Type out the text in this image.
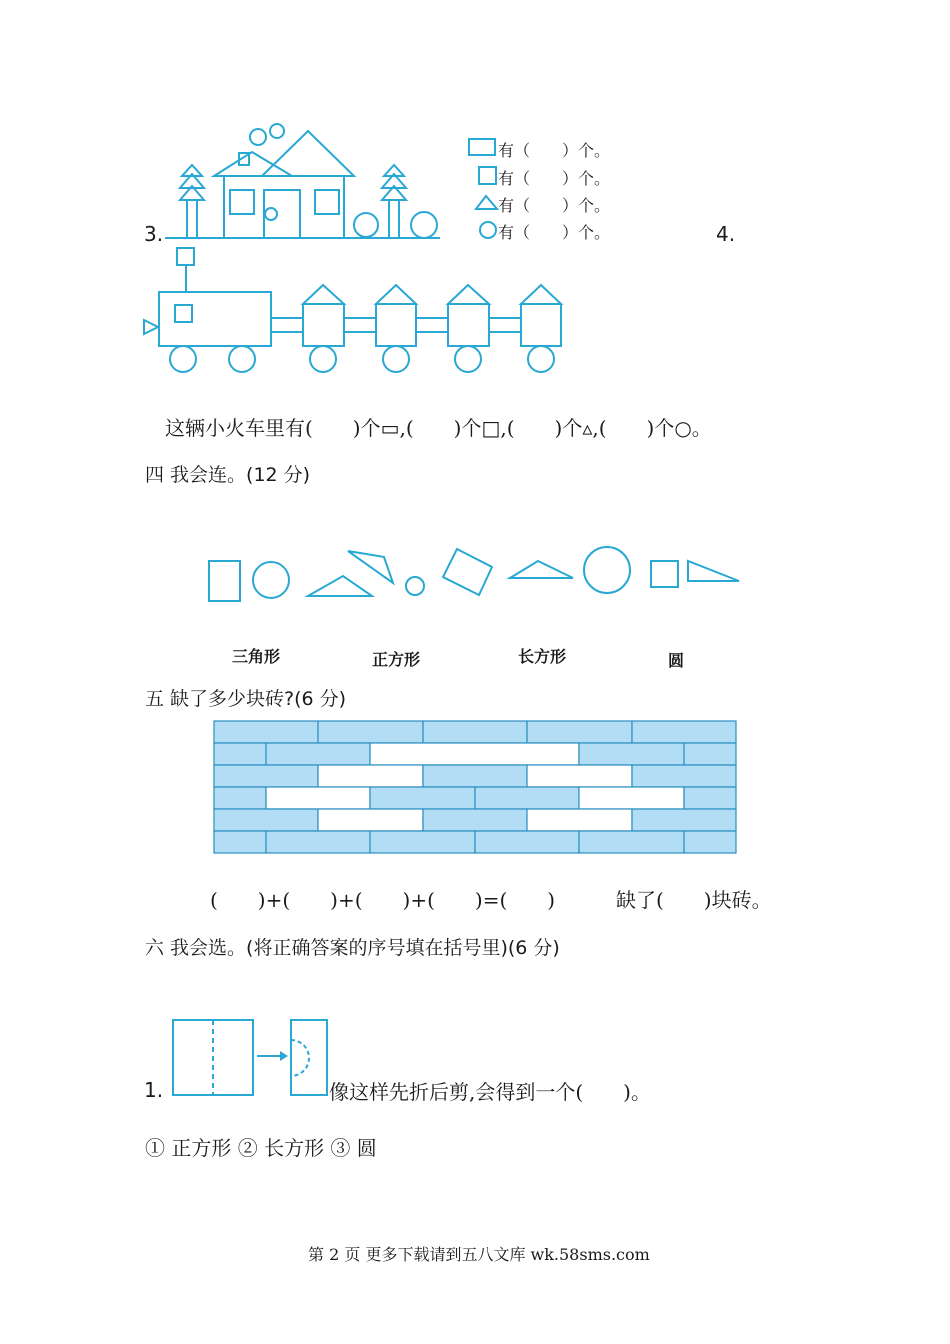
3.
有（　　）个。
有（　　）个。
有（　　）个。
有（　　）个。	4.
这辆小火车里有(　　)个▭,(　　)个□,(　　)个▵,(　　)个○。
四 我会连。(12 分)
三角形	正方形	长方形	圆
五 缺了多少块砖?(6 分)
(　　)+(　　)+(　　)+(　　)=(　　)	缺了(　　)块砖。
六 我会选。(将正确答案的序号填在括号里)(6 分)
1.	像这样先折后剪,会得到一个(　　)。
① 正方形 ② 长方形 ③ 圆
第 2 页 更多下载请到五八文库 wk.58sms.com
